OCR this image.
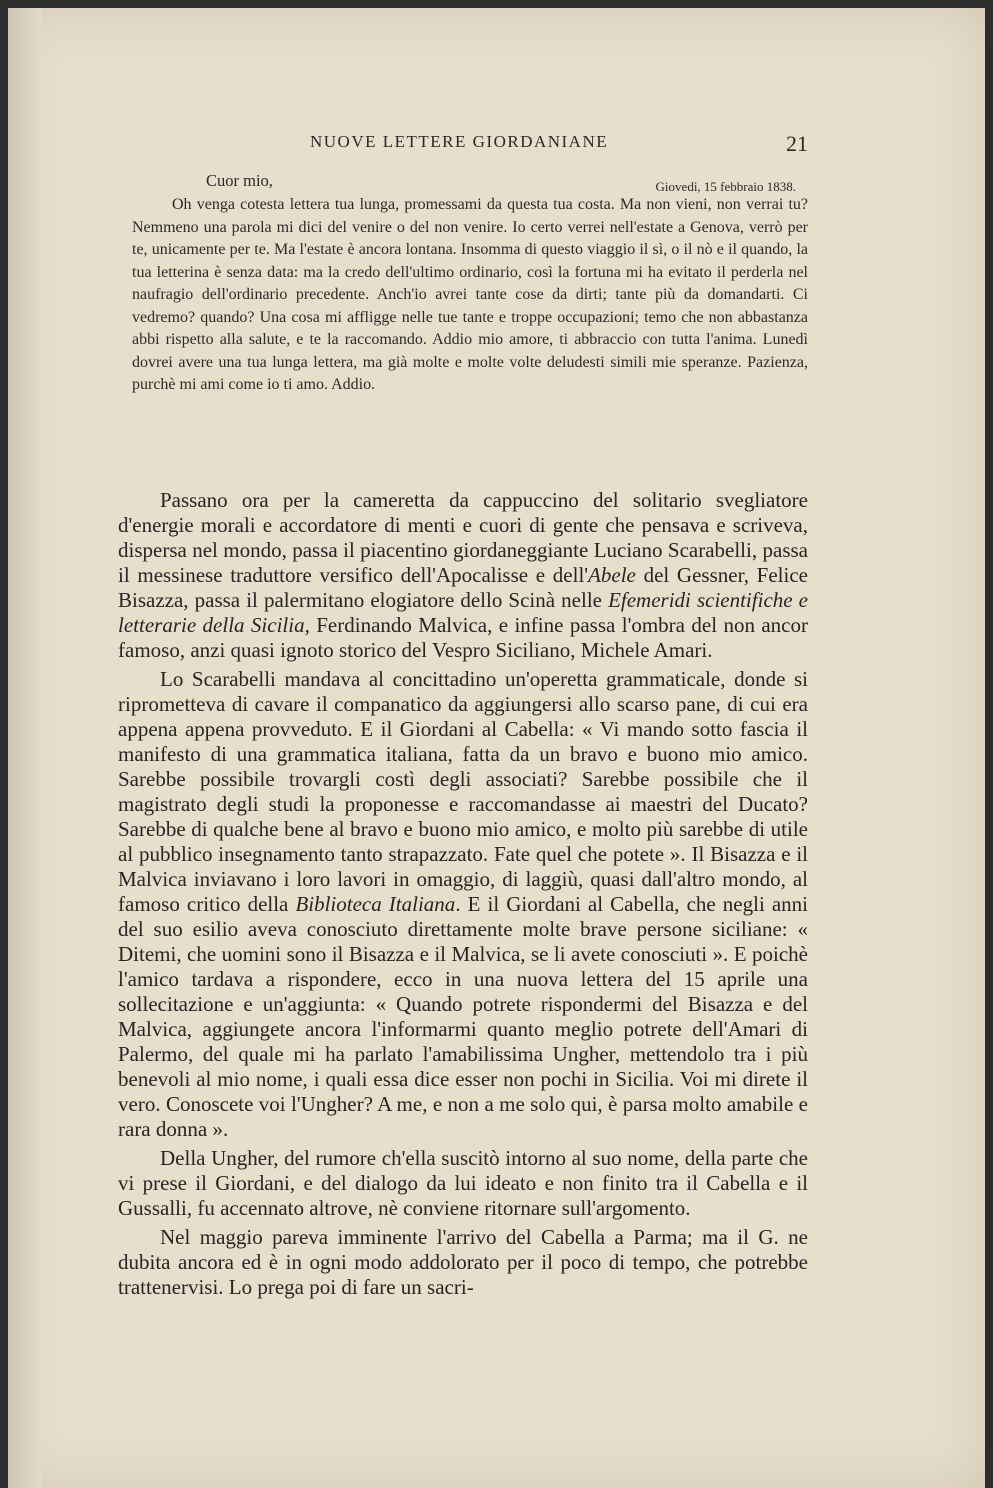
NUOVE LETTERE GIORDANIANE	21
Cuor mio,	Giovedì, 15 febbraio 1838.

Oh venga cotesta lettera tua lunga, promessami da questa tua costa. Ma non vieni, non verrai tu? Nemmeno una parola mi dici del venire o del non venire. Io certo verrei nell'estate a Genova, verrò per te, unicamente per te. Ma l'estate è ancora lontana. Insomma di questo viaggio il sì, o il nò e il quando, la tua letterina è senza data: ma la credo dell'ultimo ordinario, così la fortuna mi ha evitato il perderla nel naufragio dell'ordinario precedente. Anch'io avrei tante cose da dirti; tante più da domandarti. Ci vedremo? quando? Una cosa mi affligge nelle tue tante e troppe occupazioni; temo che non abbastanza abbi rispetto alla salute, e te la raccomando. Addio mio amore, ti abbraccio con tutta l'anima. Lunedì dovrei avere una tua lunga lettera, ma già molte e molte volte deludesti simili mie speranze. Pazienza, purchè mi ami come io ti amo. Addio.

Passano ora per la cameretta da cappuccino del solitario svegliatore d'energie morali e accordatore di menti e cuori di gente che pensava e scriveva, dispersa nel mondo, passa il piacentino giordaneggiante Luciano Scarabelli, passa il messinese traduttore versifico dell'Apocalisse e dell'Abele del Gessner, Felice Bisazza, passa il palermitano elogiatore dello Scinà nelle Efemeridi scientifiche e letterarie della Sicilia, Ferdinando Malvica, e infine passa l'ombra del non ancor famoso, anzi quasi ignoto storico del Vespro Siciliano, Michele Amari.

Lo Scarabelli mandava al concittadino un'operetta grammaticale, donde si riprometteva di cavare il companatico da aggiungersi allo scarso pane, di cui era appena appena provveduto. E il Giordani al Cabella: « Vi mando sotto fascia il manifesto di una grammatica italiana, fatta da un bravo e buono mio amico. Sarebbe possibile trovargli costì degli associati? Sarebbe possibile che il magistrato degli studi la proponesse e raccomandasse ai maestri del Ducato? Sarebbe di qualche bene al bravo e buono mio amico, e molto più sarebbe di utile al pubblico insegnamento tanto strapazzato. Fate quel che potete ». Il Bisazza e il Malvica inviavano i loro lavori in omaggio, di laggiù, quasi dall'altro mondo, al famoso critico della Biblioteca Italiana. E il Giordani al Cabella, che negli anni del suo esilio aveva conosciuto direttamente molte brave persone siciliane: « Ditemi, che uomini sono il Bisazza e il Malvica, se li avete conosciuti ». E poichè l'amico tardava a rispondere, ecco in una nuova lettera del 15 aprile una sollecitazione e un'aggiunta: « Quando potrete rispondermi del Bisazza e del Malvica, aggiungete ancora l'informarmi quanto meglio potrete dell'Amari di Palermo, del quale mi ha parlato l'amabilissima Ungher, mettendolo tra i più benevoli al mio nome, i quali essa dice esser non pochi in Sicilia. Voi mi direte il vero. Conoscete voi l'Ungher? A me, e non a me solo qui, è parsa molto amabile e rara donna ».

Della Ungher, del rumore ch'ella suscitò intorno al suo nome, della parte che vi prese il Giordani, e del dialogo da lui ideato e non finito tra il Cabella e il Gussalli, fu accennato altrove, nè conviene ritornare sull'argomento.

Nel maggio pareva imminente l'arrivo del Cabella a Parma; ma il G. ne dubita ancora ed è in ogni modo addolorato per il poco di tempo, che potrebbe trattenervisi. Lo prega poi di fare un sacri-
